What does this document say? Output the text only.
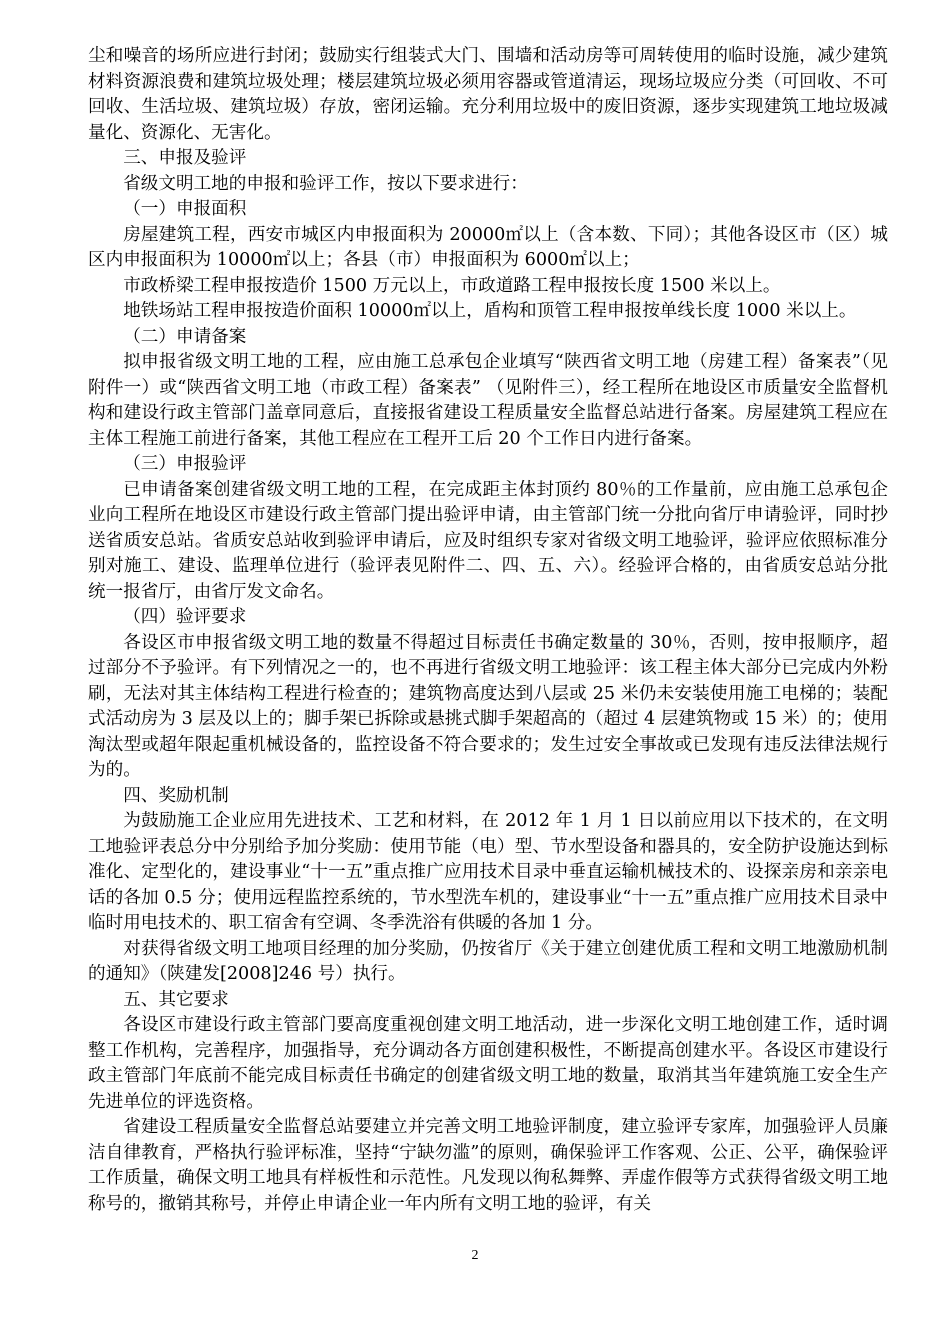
尘和噪音的场所应进行封闭；鼓励实行组装式大门、围墙和活动房等可周转使用的临时设施，减少建筑材料资源浪费和建筑垃圾处理；楼层建筑垃圾必须用容器或管道清运，现场垃圾应分类（可回收、不可回收、生活垃圾、建筑垃圾）存放，密闭运输。充分利用垃圾中的废旧资源，逐步实现建筑工地垃圾减量化、资源化、无害化。

三、申报及验评

省级文明工地的申报和验评工作，按以下要求进行：

（一）申报面积

房屋建筑工程，西安市城区内申报面积为 20000㎡以上（含本数、下同）；其他各设区市（区）城区内申报面积为 10000㎡以上；各县（市）申报面积为 6000㎡以上；

市政桥梁工程申报按造价 1500 万元以上，市政道路工程申报按长度 1500 米以上。

地铁场站工程申报按造价面积 10000㎡以上，盾构和顶管工程申报按单线长度 1000 米以上。

（二）申请备案

拟申报省级文明工地的工程，应由施工总承包企业填写“陕西省文明工地（房建工程）备案表”（见附件一）或“陕西省文明工地（市政工程）备案表” （见附件三），经工程所在地设区市质量安全监督机构和建设行政主管部门盖章同意后，直接报省建设工程质量安全监督总站进行备案。房屋建筑工程应在主体工程施工前进行备案，其他工程应在工程开工后 20 个工作日内进行备案。

（三）申报验评

已申请备案创建省级文明工地的工程，在完成距主体封顶约 80％的工作量前，应由施工总承包企业向工程所在地设区市建设行政主管部门提出验评申请，由主管部门统一分批向省厅申请验评，同时抄送省质安总站。省质安总站收到验评申请后，应及时组织专家对省级文明工地验评，验评应依照标准分别对施工、建设、监理单位进行（验评表见附件二、四、五、六）。经验评合格的，由省质安总站分批统一报省厅，由省厅发文命名。

（四）验评要求

各设区市申报省级文明工地的数量不得超过目标责任书确定数量的 30％，否则，按申报顺序，超过部分不予验评。有下列情况之一的，也不再进行省级文明工地验评：该工程主体大部分已完成内外粉刷，无法对其主体结构工程进行检查的；建筑物高度达到八层或 25 米仍未安装使用施工电梯的；装配式活动房为 3 层及以上的；脚手架已拆除或悬挑式脚手架超高的（超过 4 层建筑物或 15 米）的；使用淘汰型或超年限起重机械设备的，监控设备不符合要求的；发生过安全事故或已发现有违反法律法规行为的。

四、奖励机制

为鼓励施工企业应用先进技术、工艺和材料，在 2012 年 1 月 1 日以前应用以下技术的，在文明工地验评表总分中分别给予加分奖励：使用节能（电）型、节水型设备和器具的，安全防护设施达到标准化、定型化的，建设事业“十一五”重点推广应用技术目录中垂直运输机械技术的、设探亲房和亲亲电话的各加 0.5 分；使用远程监控系统的，节水型洗车机的，建设事业“十一五”重点推广应用技术目录中临时用电技术的、职工宿舍有空调、冬季洗浴有供暖的各加 1 分。

对获得省级文明工地项目经理的加分奖励，仍按省厅《关于建立创建优质工程和文明工地激励机制的通知》（陕建发[2008]246 号）执行。

五、其它要求

各设区市建设行政主管部门要高度重视创建文明工地活动，进一步深化文明工地创建工作，适时调整工作机构，完善程序，加强指导，充分调动各方面创建积极性，不断提高创建水平。各设区市建设行政主管部门年底前不能完成目标责任书确定的创建省级文明工地的数量，取消其当年建筑施工安全生产先进单位的评选资格。

省建设工程质量安全监督总站要建立并完善文明工地验评制度，建立验评专家库，加强验评人员廉洁自律教育，严格执行验评标准，坚持“宁缺勿滥”的原则，确保验评工作客观、公正、公平，确保验评工作质量，确保文明工地具有样板性和示范性。凡发现以徇私舞弊、弄虚作假等方式获得省级文明工地称号的，撤销其称号，并停止申请企业一年内所有文明工地的验评，有关

2
